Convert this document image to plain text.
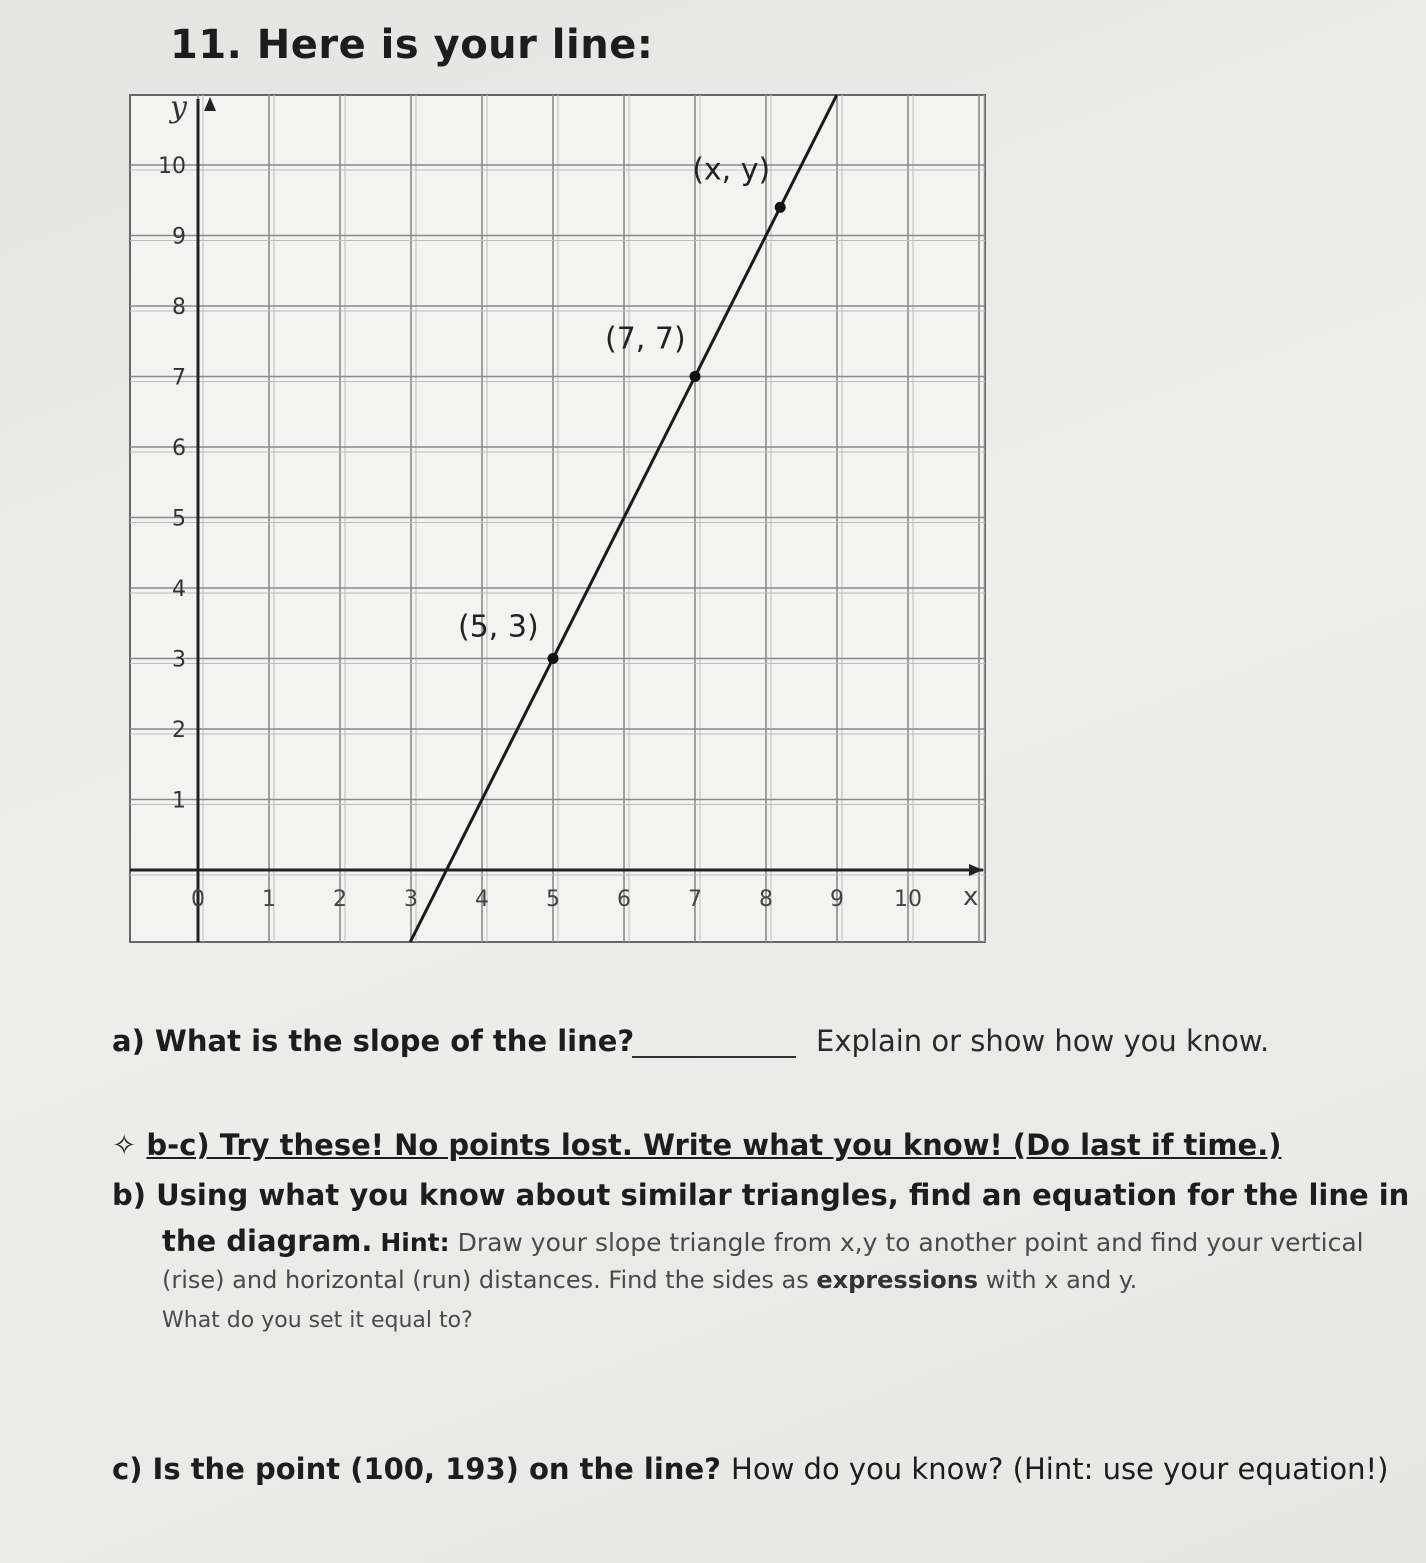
11. Here is your line:
y
x
1
2
3
4
5
6
7
8
9
10
0	1	2	3	4	5	6	7	8	9 10
(5, 3)
(7, 7)
(x, y)
a) What is the slope of the line?	Explain or show how you know.
✧ b-c) Try these! No points lost. Write what you know! (Do last if time.)
b) Using what you know about similar triangles, find an equation for the line in
the diagram. Hint: Draw your slope triangle from x,y to another point and find your vertical
(rise) and horizontal (run) distances. Find the sides as expressions with x and y.
What do you set it equal to?
c) Is the point (100, 193) on the line? How do you know? (Hint: use your equation!)
